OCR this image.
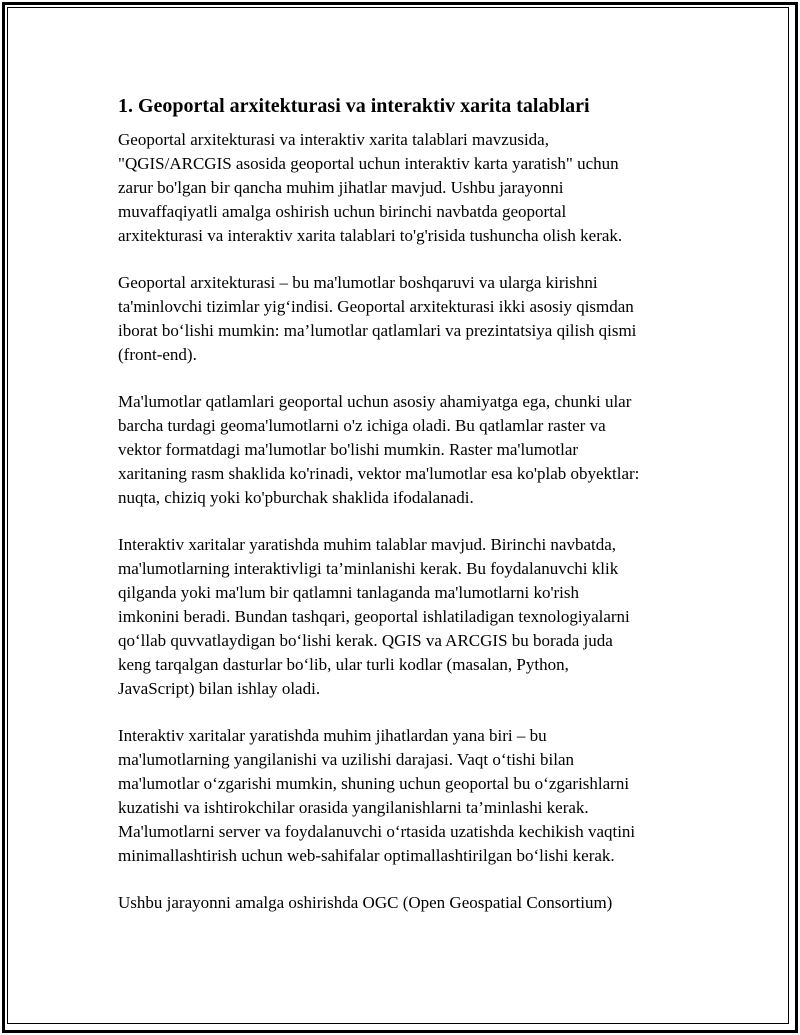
1. Geoportal arxitekturasi va interaktiv xarita talablari

Geoportal arxitekturasi va interaktiv xarita talablari mavzusida,
"QGIS/ARCGIS asosida geoportal uchun interaktiv karta yaratish" uchun
zarur bo'lgan bir qancha muhim jihatlar mavjud. Ushbu jarayonni
muvaffaqiyatli amalga oshirish uchun birinchi navbatda geoportal
arxitekturasi va interaktiv xarita talablari to'g'risida tushuncha olish kerak.

Geoportal arxitekturasi – bu ma'lumotlar boshqaruvi va ularga kirishni
ta'minlovchi tizimlar yig‘indisi. Geoportal arxitekturasi ikki asosiy qismdan
iborat bo‘lishi mumkin: ma’lumotlar qatlamlari va prezintatsiya qilish qismi
(front-end).

Ma'lumotlar qatlamlari geoportal uchun asosiy ahamiyatga ega, chunki ular
barcha turdagi geoma'lumotlarni o'z ichiga oladi. Bu qatlamlar raster va
vektor formatdagi ma'lumotlar bo'lishi mumkin. Raster ma'lumotlar
xaritaning rasm shaklida ko'rinadi, vektor ma'lumotlar esa ko'plab obyektlar:
nuqta, chiziq yoki ko'pburchak shaklida ifodalanadi.

Interaktiv xaritalar yaratishda muhim talablar mavjud. Birinchi navbatda,
ma'lumotlarning interaktivligi ta’minlanishi kerak. Bu foydalanuvchi klik
qilganda yoki ma'lum bir qatlamni tanlaganda ma'lumotlarni ko'rish
imkonini beradi. Bundan tashqari, geoportal ishlatiladigan texnologiyalarni
qo‘llab quvvatlaydigan bo‘lishi kerak. QGIS va ARCGIS bu borada juda
keng tarqalgan dasturlar bo‘lib, ular turli kodlar (masalan, Python,
JavaScript) bilan ishlay oladi.

Interaktiv xaritalar yaratishda muhim jihatlardan yana biri – bu
ma'lumotlarning yangilanishi va uzilishi darajasi. Vaqt o‘tishi bilan
ma'lumotlar o‘zgarishi mumkin, shuning uchun geoportal bu o‘zgarishlarni
kuzatishi va ishtirokchilar orasida yangilanishlarni ta’minlashi kerak.
Ma'lumotlarni server va foydalanuvchi o‘rtasida uzatishda kechikish vaqtini
minimallashtirish uchun web-sahifalar optimallashtirilgan bo‘lishi kerak.

Ushbu jarayonni amalga oshirishda OGC (Open Geospatial Consortium)
